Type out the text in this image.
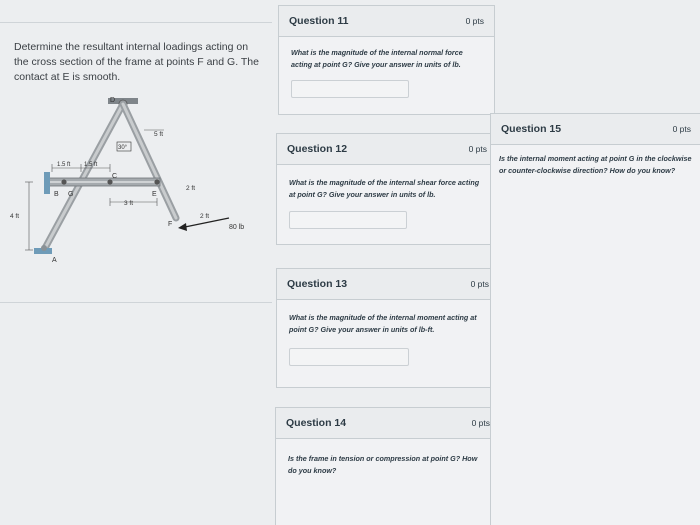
Determine the resultant internal loadings acting on the cross section of the frame at points F and G. The contact at E is smooth.
D
30°
5 ft
1.5 ft 1.5 ft
C
B G	E
3 ft
2 ft
2 ft
F	80 lb
4 ft
A
Question 11	0 pts
What is the magnitude of the internal normal force acting at point G? Give your answer in units of lb.
Question 12	0 pts
What is the magnitude of the internal shear force acting at point G? Give your answer in units of lb.
Question 13	0 pts
What is the magnitude of the internal moment acting at point G? Give your answer in units of lb-ft.
Question 14	0 pts
Is the frame in tension or compression at point G? How do you know?
Question 15	0 pts
Is the internal moment acting at point G in the clockwise or counter-clockwise direction? How do you know?
